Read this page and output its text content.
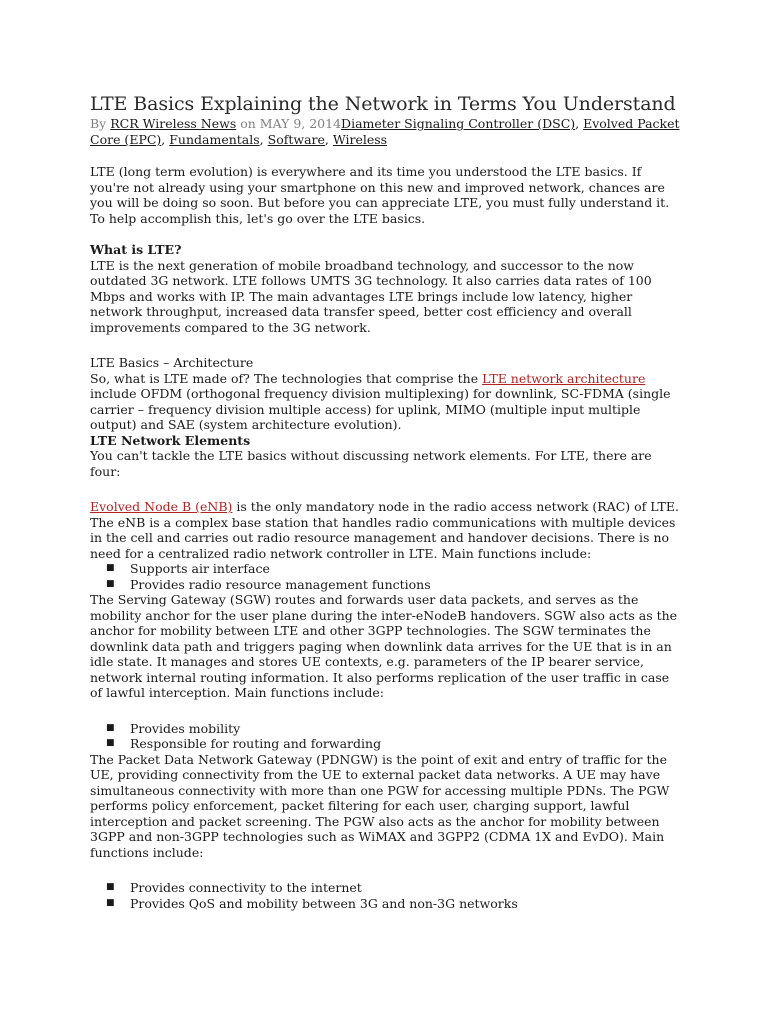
LTE Basics Explaining the Network in Terms You Understand

By RCR Wireless News on MAY 9, 2014Diameter Signaling Controller (DSC), Evolved Packet Core (EPC), Fundamentals, Software, Wireless

LTE (long term evolution) is everywhere and its time you understood the LTE basics. If you're not already using your smartphone on this new and improved network, chances are you will be doing so soon. But before you can appreciate LTE, you must fully understand it. To help accomplish this, let's go over the LTE basics.

What is LTE?

LTE is the next generation of mobile broadband technology, and successor to the now outdated 3G network. LTE follows UMTS 3G technology. It also carries data rates of 100 Mbps and works with IP. The main advantages LTE brings include low latency, higher network throughput, increased data transfer speed, better cost efficiency and overall improvements compared to the 3G network.

LTE Basics – Architecture

So, what is LTE made of? The technologies that comprise the LTE network architecture include OFDM (orthogonal frequency division multiplexing) for downlink, SC-FDMA (single carrier – frequency division multiple access) for uplink, MIMO (multiple input multiple output) and SAE (system architecture evolution).

LTE Network Elements

You can't tackle the LTE basics without discussing network elements. For LTE, there are four:

Evolved Node B (eNB) is the only mandatory node in the radio access network (RAC) of LTE. The eNB is a complex base station that handles radio communications with multiple devices in the cell and carries out radio resource management and handover decisions. There is no need for a centralized radio network controller in LTE. Main functions include:

■ Supports air interface
■ Provides radio resource management functions

The Serving Gateway (SGW) routes and forwards user data packets, and serves as the mobility anchor for the user plane during the inter-eNodeB handovers. SGW also acts as the anchor for mobility between LTE and other 3GPP technologies. The SGW terminates the downlink data path and triggers paging when downlink data arrives for the UE that is in an idle state. It manages and stores UE contexts, e.g. parameters of the IP bearer service, network internal routing information. It also performs replication of the user traffic in case of lawful interception. Main functions include:

■ Provides mobility
■ Responsible for routing and forwarding

The Packet Data Network Gateway (PDNGW) is the point of exit and entry of traffic for the UE, providing connectivity from the UE to external packet data networks. A UE may have simultaneous connectivity with more than one PGW for accessing multiple PDNs. The PGW performs policy enforcement, packet filtering for each user, charging support, lawful interception and packet screening. The PGW also acts as the anchor for mobility between 3GPP and non-3GPP technologies such as WiMAX and 3GPP2 (CDMA 1X and EvDO). Main functions include:

■ Provides connectivity to the internet
■ Provides QoS and mobility between 3G and non-3G networks
